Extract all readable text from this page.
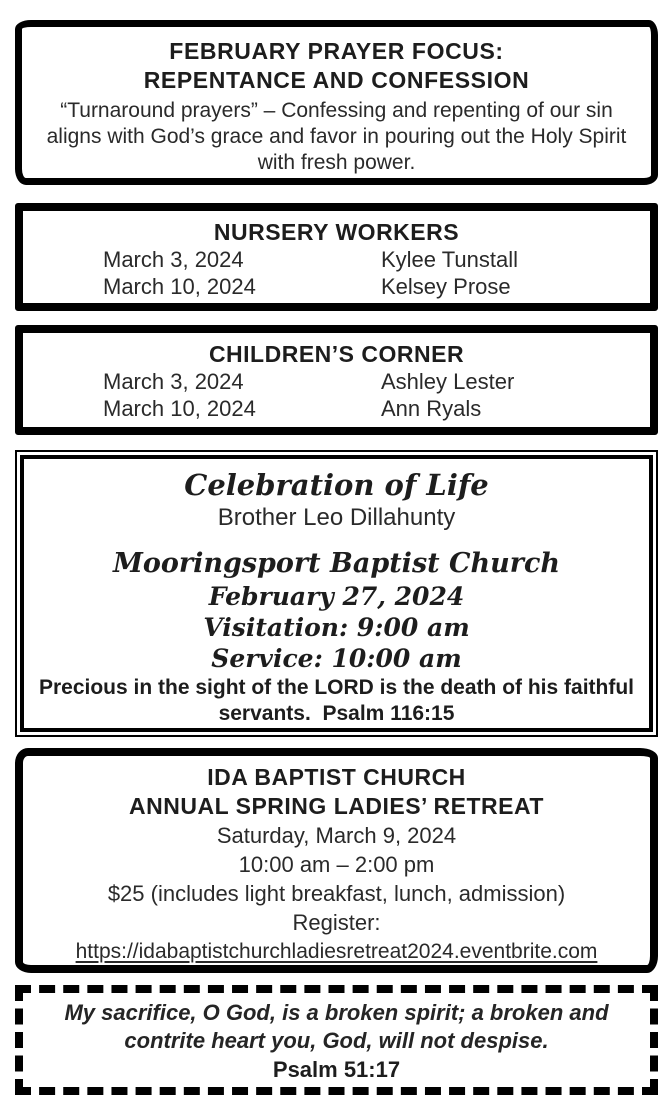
FEBRUARY PRAYER FOCUS:
REPENTANCE AND CONFESSION

“Turnaround prayers” – Confessing and repenting of our sin aligns with God’s grace and favor in pouring out the Holy Spirit with fresh power.

NURSERY WORKERS
March 3, 2024	Kylee Tunstall
March 10, 2024	Kelsey Prose
CHILDREN’S CORNER
March 3, 2024	Ashley Lester
March 10, 2024	Ann Ryals
Celebration of Life
Brother Leo Dillahunty
Mooringsport Baptist Church
February 27, 2024
Visitation: 9:00 am
Service: 10:00 am
Precious in the sight of the LORD is the death of his faithful servants.  Psalm 116:15
IDA BAPTIST CHURCH
ANNUAL SPRING LADIES’ RETREAT
Saturday, March 9, 2024
10:00 am – 2:00 pm
$25 (includes light breakfast, lunch, admission)
Register:
https://idabaptistchurchladiesretreat2024.eventbrite.com
My sacrifice, O God, is a broken spirit; a broken and contrite heart you, God, will not despise.
Psalm 51:17
